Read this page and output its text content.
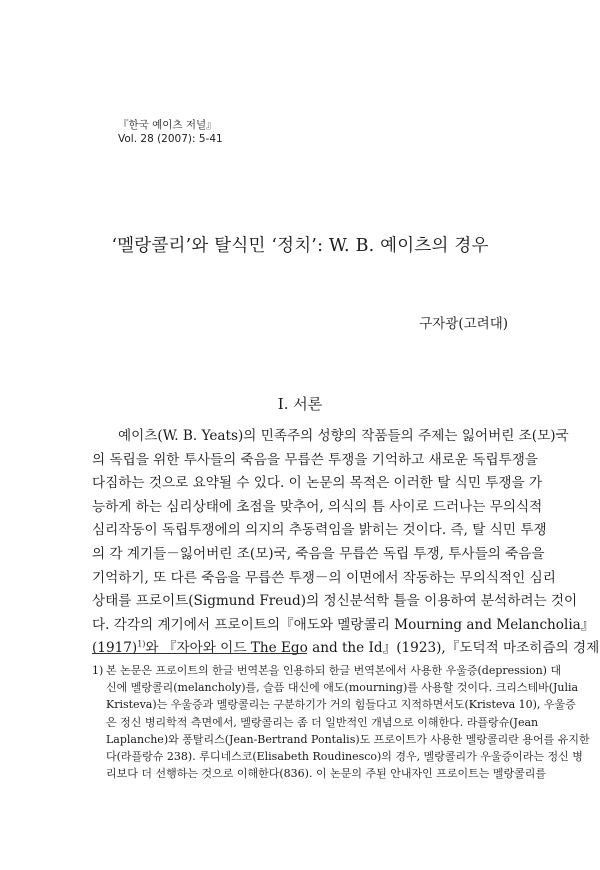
『한국 예이츠 저널』
Vol. 28 (2007): 5-41
‘멜랑콜리’와 탈식민 ‘정치’: W. B. 예이츠의 경우
구자광(고려대)
I. 서론
예이츠(W. B. Yeats)의 민족주의 성향의 작품들의 주제는 잃어버린 조(모)국
의 독립을 위한 투사들의 죽음을 무릅쓴 투쟁을 기억하고 새로운 독립투쟁을
다짐하는 것으로 요약될 수 있다. 이 논문의 목적은 이러한 탈 식민 투쟁을 가
능하게 하는 심리상태에 초점을 맞추어, 의식의 틈 사이로 드러나는 무의식적
심리작동이 독립투쟁에의 의지의 추동력임을 밝히는 것이다. 즉, 탈 식민 투쟁
의 각 계기들－잃어버린 조(모)국, 죽음을 무릅쓴 독립 투쟁, 투사들의 죽음을
기억하기, 또 다른 죽음을 무릅쓴 투쟁－의 이면에서 작동하는 무의식적인 심리
상태를 프로이트(Sigmund Freud)의 정신분석학 틀을 이용하여 분석하려는 것이
다. 각각의 계기에서 프로이트의『애도와 멜랑콜리 Mourning and Melancholia』
$(1917)^{1)}$와 『자아와 이드 The Ego and the Id』(1923),『도덕적 마조히즘의 경제
1) 본 논문은 프로이트의 한글 번역본을 인용하되 한글 번역본에서 사용한 우울증(depression) 대
신에 멜랑콜리(melancholy)를, 슬픔 대신에 애도(mourning)를 사용할 것이다. 크리스테바(Julia
Kristeva)는 우울증과 멜랑콜리는 구분하기가 거의 힘들다고 지적하면서도(Kristeva 10), 우울증
은 정신 병리학적 측면에서, 멜랑콜리는 좀 더 일반적인 개념으로 이해한다. 라플랑슈(Jean
Laplanche)와 퐁탈리스(Jean-Bertrand Pontalis)도 프로이트가 사용한 멜랑콜리란 용어를 유지한
다(라플랑슈 238). 루디네스코(Elisabeth Roudinesco)의 경우, 멜랑콜리가 우울증이라는 정신 병
리보다 더 선행하는 것으로 이해한다(836). 이 논문의 주된 안내자인 프로이트는 멜랑콜리를
